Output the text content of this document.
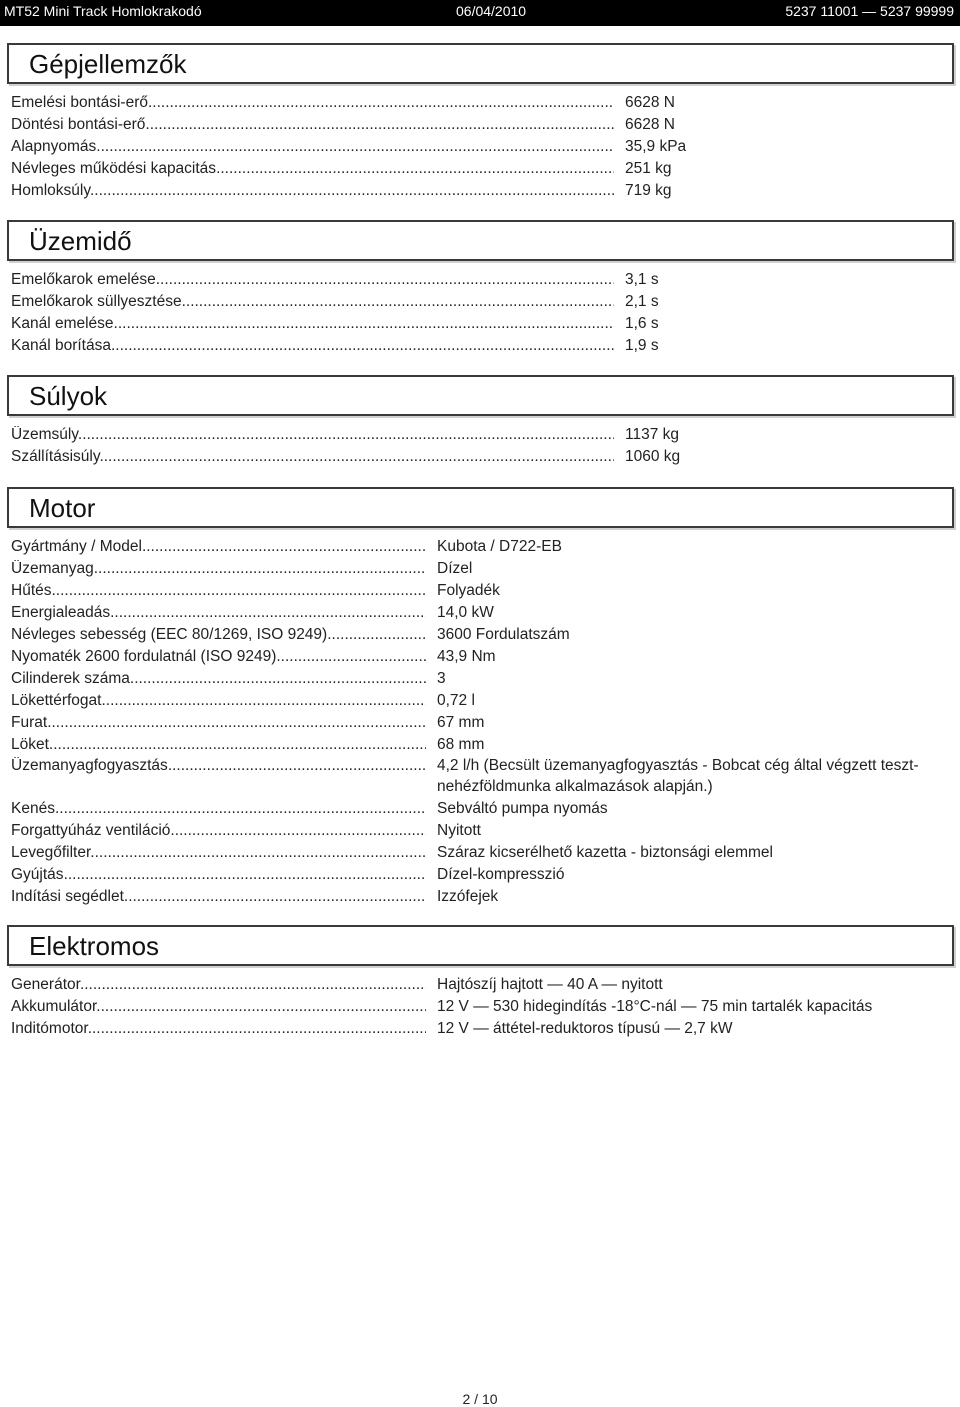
MT52 Mini Track Homlokrakodó	06/04/2010	5237 11001 — 5237 99999
Gépjellemzők
Emelési bontási-erő .....	6628 N
Döntési bontási-erő .....	6628 N
Alapnyomás .....	35,9 kPa
Névleges működési kapacitás .....	251 kg
Homloksúly .....	719 kg
Üzemidő
Emelőkarok emelése .....	3,1 s
Emelőkarok süllyesztése .....	2,1 s
Kanál emelése .....	1,6 s
Kanál borítása .....	1,9 s
Súlyok
Üzemsúly .....	1137 kg
Szállításisúly .....	1060 kg
Motor
Gyártmány / Model .....	Kubota / D722-EB
Üzemanyag .....	Dízel
Hűtés .....	Folyadék
Energialeadás .....	14,0 kW
Névleges sebesség (EEC 80/1269, ISO 9249) .....	3600 Fordulatszám
Nyomaték 2600 fordulatnál (ISO 9249) .....	43,9 Nm
Cilinderek száma .....	3
Lökettérfogat .....	0,72 l
Furat .....	67 mm
Löket .....	68 mm
Üzemanyagfogyasztás .....	4,2 l/h (Becsült üzemanyagfogyasztás - Bobcat cég által végzett teszt-
nehézföldmunka alkalmazások alapján.)
Kenés .....	Sebváltó pumpa nyomás
Forgattyúház ventiláció .....	Nyitott
Levegőfilter .....	Száraz kicserélhető kazetta - biztonsági elemmel
Gyújtás .....	Dízel-kompresszió
Indítási segédlet .....	Izzófejek
Elektromos
Generátor .....	Hajtószíj hajtott — 40 A — nyitott
Akkumulátor .....	12 V — 530 hidegindítás -18°C-nál — 75 min tartalék kapacitás
Inditómotor .....	12 V — áttétel-reduktoros típusú — 2,7 kW
2 / 10
